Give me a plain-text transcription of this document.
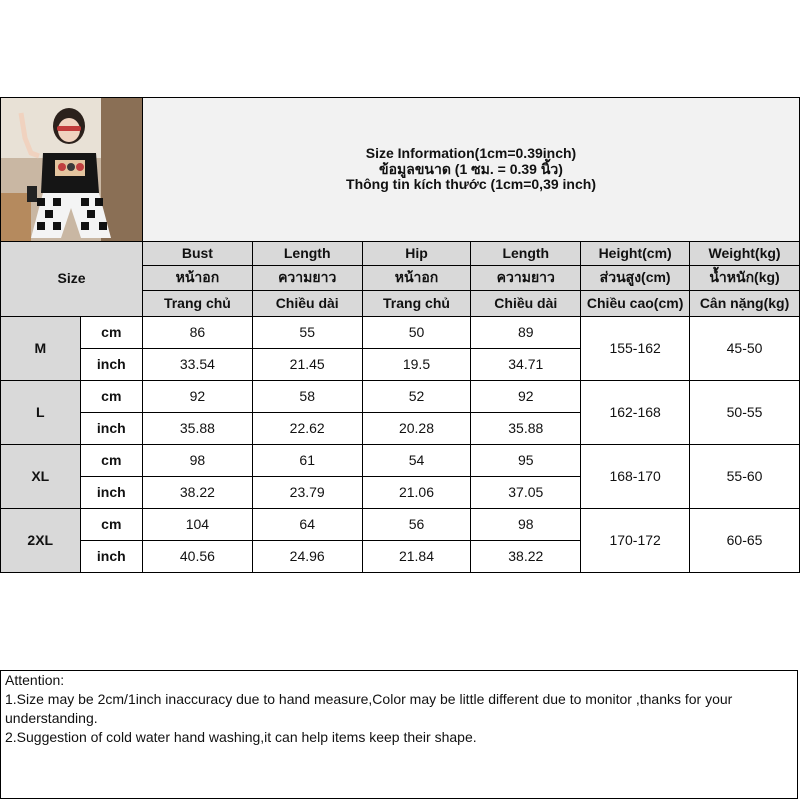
Size Information(1cm=0.39inch)
ข้อมูลขนาด (1 ซม. = 0.39 นิ้ว)
Thông tin kích thước (1cm=0,39 inch)					

Size		Bust	Length	Hip	Length	Height(cm)	Weight(kg)
		หน้าอก	ความยาว	หน้าอก	ความยาว	ส่วนสูง(cm)	น้ำหนัก(kg)
		Trang chủ	Chiều dài	Trang chủ	Chiều dài	Chiều cao(cm)	Cân nặng(kg)
M	cm	86	55	50	89	155-162	45-50
	inch	33.54	21.45	19.5	34.71		
L	cm	92	58	52	92	162-168	50-55
	inch	35.88	22.62	20.28	35.88		
XL	cm	98	61	54	95	168-170	55-60
	inch	38.22	23.79	21.06	37.05		
2XL	cm	104	64	56	98	170-172	60-65
	inch	40.56	24.96	21.84	38.22		
Attention:
1.Size may be 2cm/1inch inaccuracy due to hand measure,Color may be little different due to monitor ,thanks for your understanding.
2.Suggestion of cold water hand washing,it can help items keep their shape.
